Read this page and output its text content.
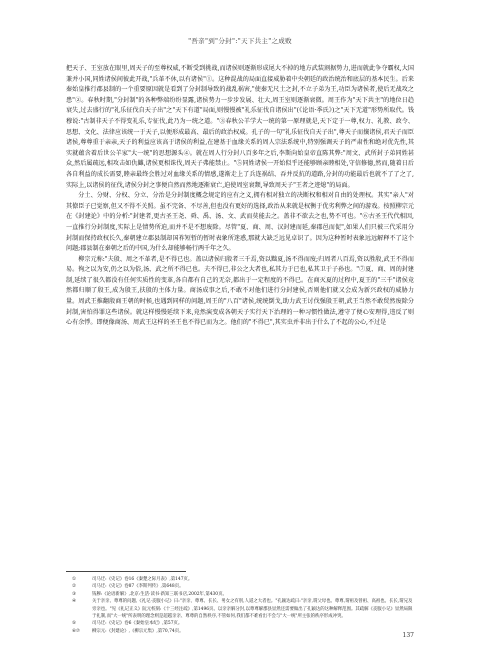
"吾亲"到"分封":"天下共主"之成败

把天子、王室放在眼里,周天子的至尊权威,不断受到挑战,而诸侯则逐渐形成尾大不掉的地方武装割据势力,进而就此争夺霸权,大国兼并小国,同姓诸侯间彼此开战,"兵革不休,以有诸侯"①。这种混战的局面直接威胁着中央朝廷的政治统治和底层的基本民生。后来秦始皇推行郡县制的一个重要原因就是看到了分封制导致的战乱祸害,"使秦无尺土之封,不立子弟为王,功臣为诸侯者,使后无战攻之患"②。春秋时期,"分封制"的各种弊端纷纷显露,诸侯势力一步步发展、壮大,周王室则逐渐衰微。周王作为"天下共主"的地位日趋衰失,过去盛行的"礼乐征伐自天子出"之"天下有道"局面,则慢慢被"礼乐征伐自诸侯出"(《论语·季氏》)之"天下无道"形势所取代。钱穆说:"古制非天子不得变礼乐,专征伐,此乃为一统之道。"③春秋公羊学大一统的第一原理就是,天下定于一尊,权力、礼教、政令、思想、文化、法律应该统一于天子,以便形成最高、最后的政治权威。孔子的一句"礼乐征伐自天子出",尊天子而攘诸侯,君天子而臣诸侯,尊尊重于亲亲,天子的利益应该高于诸侯的利益,在建基于血缘关系的周人宗法系统中,特别强调天子的严肃性和绝对优先性,其实就蕴含着后世公羊家"大一统"的思想源头④。就在周人行分封八百多年之后,李斯向始皇帝直陈其弊:"周文、武所封子弟同姓甚众,然后属疏远,相攻击如仇雠,诸侯更相诛伐,周天子弗能禁止。"⑤同姓诸侯一开始似乎还能够顾亲睦相处,守信修德,然而,随着日后各自利益的成长需要,睦亲最终会胜过对血缘关系的情感,遂渐走上了兵连祸结、吞并反抗的道路,分封的功能最后也就不了了之了,实际上,以诸侯的征伐,诸侯分封之事便自然而然地逐渐衰亡,迫使周室衰颓,导致周天子"王者之迹熄"的局面。

分土、分财、分权、分立、分治是分封制度概念规定的应有之义,拥有相对独立的决断权和相对自由的处理权。其实"亲人"对其僚臣子已觉察,但又不得不关照。虽不完备、不尽善,但也没有更好的选择,政治从来就是权衡于优劣利弊之间的游戏。按照柳宗元在《封建论》中的分析:"封建者,更古圣王尧、舜、禹、汤、文、武而莫能去之。盖非不欲去之也,势不可也。"⑥古圣王代代相因,一直推行分封制度,实际上是情势所迫,而并不是不想废除。尽管"夏、商、周、汉封建而延,秦郡邑而促",如果人们只被三代采用分封制而保持政权长久,秦朝建立郡县制却国祚短暂的暂时表象所迷惑,那就大缺乏远见卓识了。因为这种暂时表象远远解释不了这个问题;郡县制在秦朝之后的中国,为什么却能够畅行两千年之久。

柳宗元称:"夫殷、周之不革者,是不得已也。盖以诸侯归殷者三千焉,资以黜夏,汤不得而废;归周者八百焉,资以胜殷,武王不得而易。徇之以为安,仍之以为俗,汤、武之所不得已也。夫不得已,非公之大者也,私其力于已也,私其卫于子孙也。"⑦夏、商、周的封建制,延续了很久都没有任何实质性的变革,各自都有自己的无奈,都出于一定程度的不得已。在商灭夏的过程中,夏王的"三千"诸侯竟然都归顺了殷王,成为殷王,扶殷的主体力量。商汤成事之后,不敢不对他们进行分封建侯,否则他们就又会成为新兴政权的威胁力量。周武王推翻殷商王朝的时候,也遇到同样的问题,周王的"八百"诸侯,统统倒戈,助力武王讨伐强殷王朝,武王当然不敢贸然废除分封制,害怕得罪这些诸侯。就这样慢慢延续下来,竟然演变成各朝天子实行天下治理的一种习惯性做法,遵守了便心安理得,违反了则心有余悸。即便像商汤、周武王这样的圣王也不得已而为之。他们的"不得已",其实虫并非出于什么了不起的公心,不过是

①	司马迁:《史记》卷16《秦楚之际月表》,第147页。
②	司马迁:《史记》卷87《李斯列传》,第648页。
③	钱穆:《论语新解》,北京:生活·读书·新知三联书店,2002年,第430页。
④	关于亲亲、尊尊的问题,《礼记·丧服小记》曰:"亲亲、尊尊、长长、男女之有别,人道之大者也。"孔颖达疏曰:"亲亲,谓父母也。尊尊,谓祖及曾祖、高祖也。长长,谓兄及旁亲也。"见《礼记正义》阮元校刻:《十三经注疏》,第1496页。以亲亲解分封,以尊尊解郡县显然还需要做出了孔颖达的这种解释范围。其疏解《丧服小记》显然局限于礼制,而"大一统"所表明的理念则是超越亲亲、尊尊的自然秩序,不管如何,我们都不难看出不会与"大一统"所主张的秩序形成冲突。
⑤	司马迁:《史记》卷6《秦始皇本纪》,第57页。
⑥⑦	柳宗元:《封建论》,《柳宗元集》,第70,74页。
137
